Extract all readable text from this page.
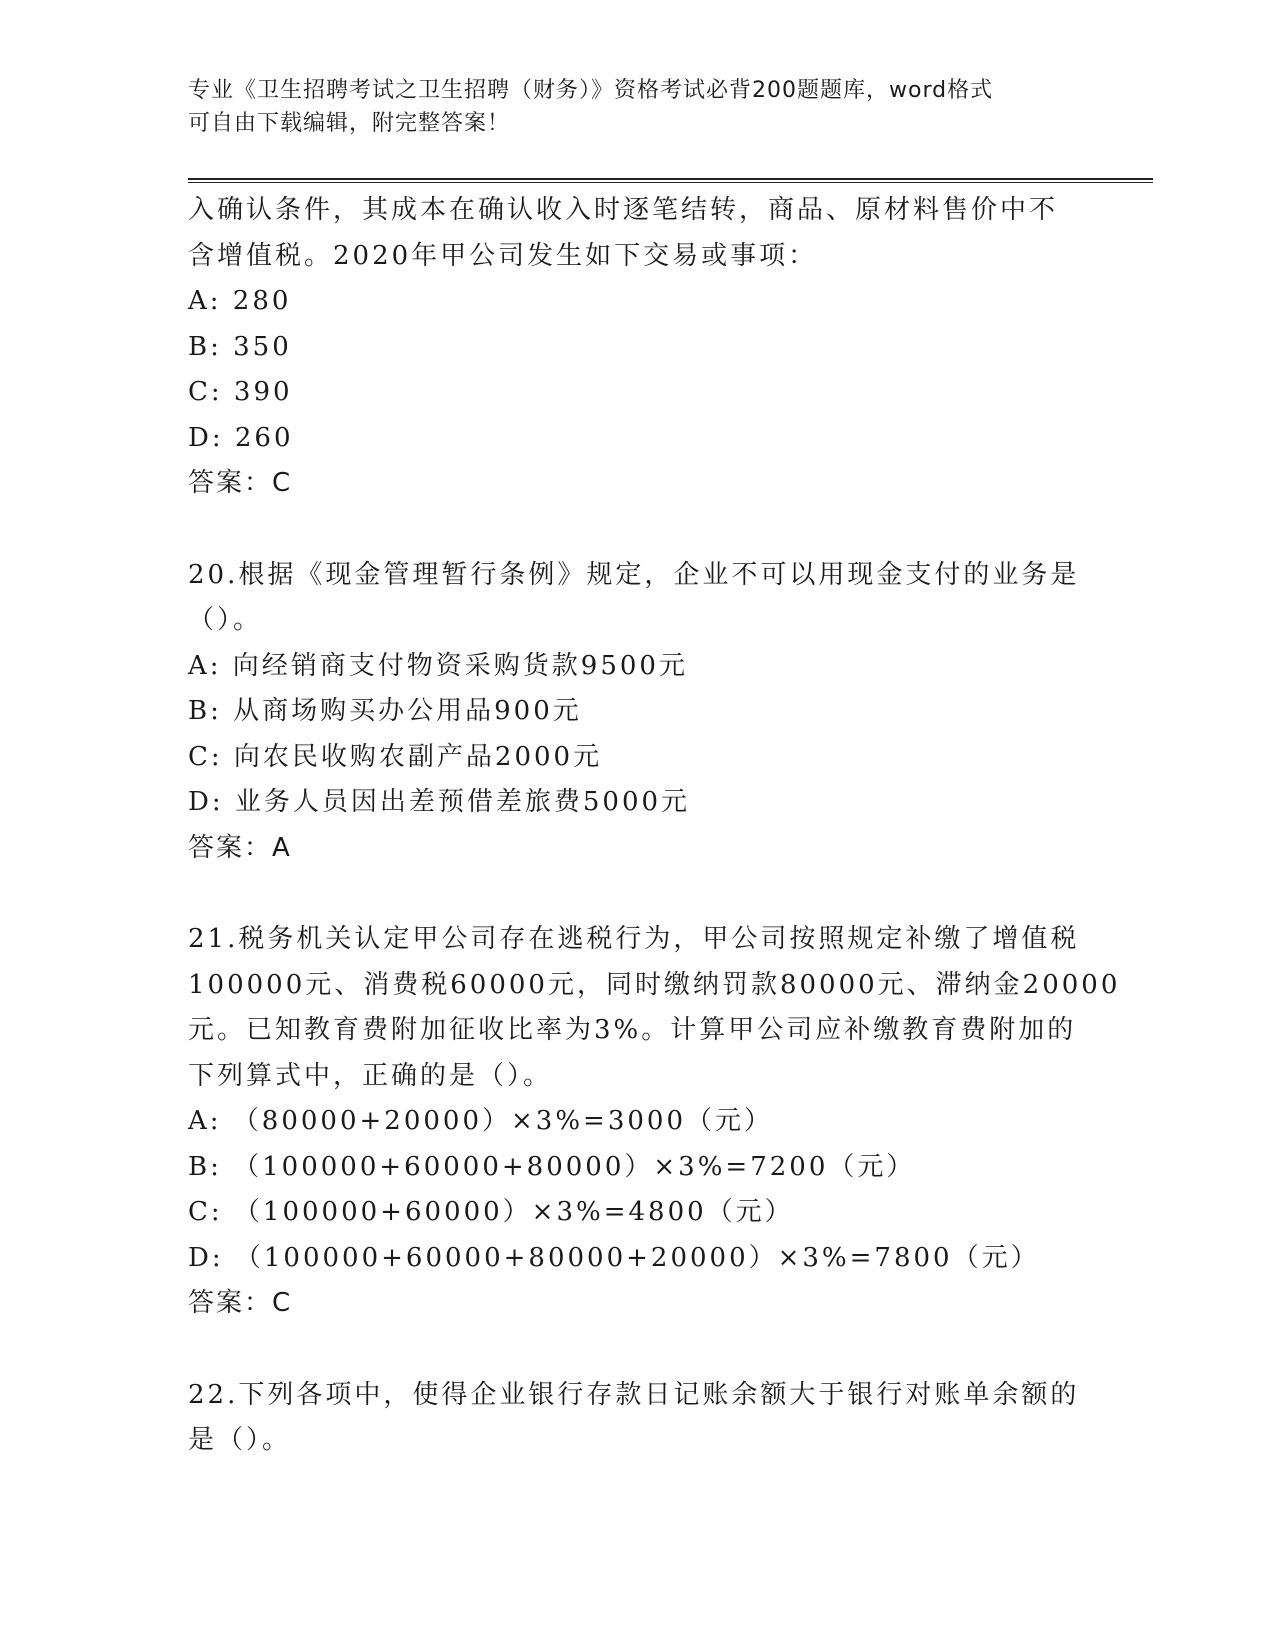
专业《卫生招聘考试之卫生招聘（财务）》资格考试必背200题题库，word格式
可自由下载编辑，附完整答案！
入确认条件，其成本在确认收入时逐笔结转，商品、原材料售价中不
含增值税。2020年甲公司发生如下交易或事项：
A: 280
B: 350
C: 390
D: 260
答案：C
20.根据《现金管理暂行条例》规定，企业不可以用现金支付的业务是
（）。
A: 向经销商支付物资采购货款9500元
B: 从商场购买办公用品900元
C: 向农民收购农副产品2000元
D: 业务人员因出差预借差旅费5000元
答案：A
21.税务机关认定甲公司存在逃税行为，甲公司按照规定补缴了增值税
100000元、消费税60000元，同时缴纳罚款80000元、滞纳金20000
元。已知教育费附加征收比率为3%。计算甲公司应补缴教育费附加的
下列算式中，正确的是（）。
A: （80000+20000）×3%=3000（元）
B: （100000+60000+80000）×3%=7200（元）
C: （100000+60000）×3%=4800（元）
D: （100000+60000+80000+20000）×3%=7800（元）
答案：C
22.下列各项中，使得企业银行存款日记账余额大于银行对账单余额的
是（）。
